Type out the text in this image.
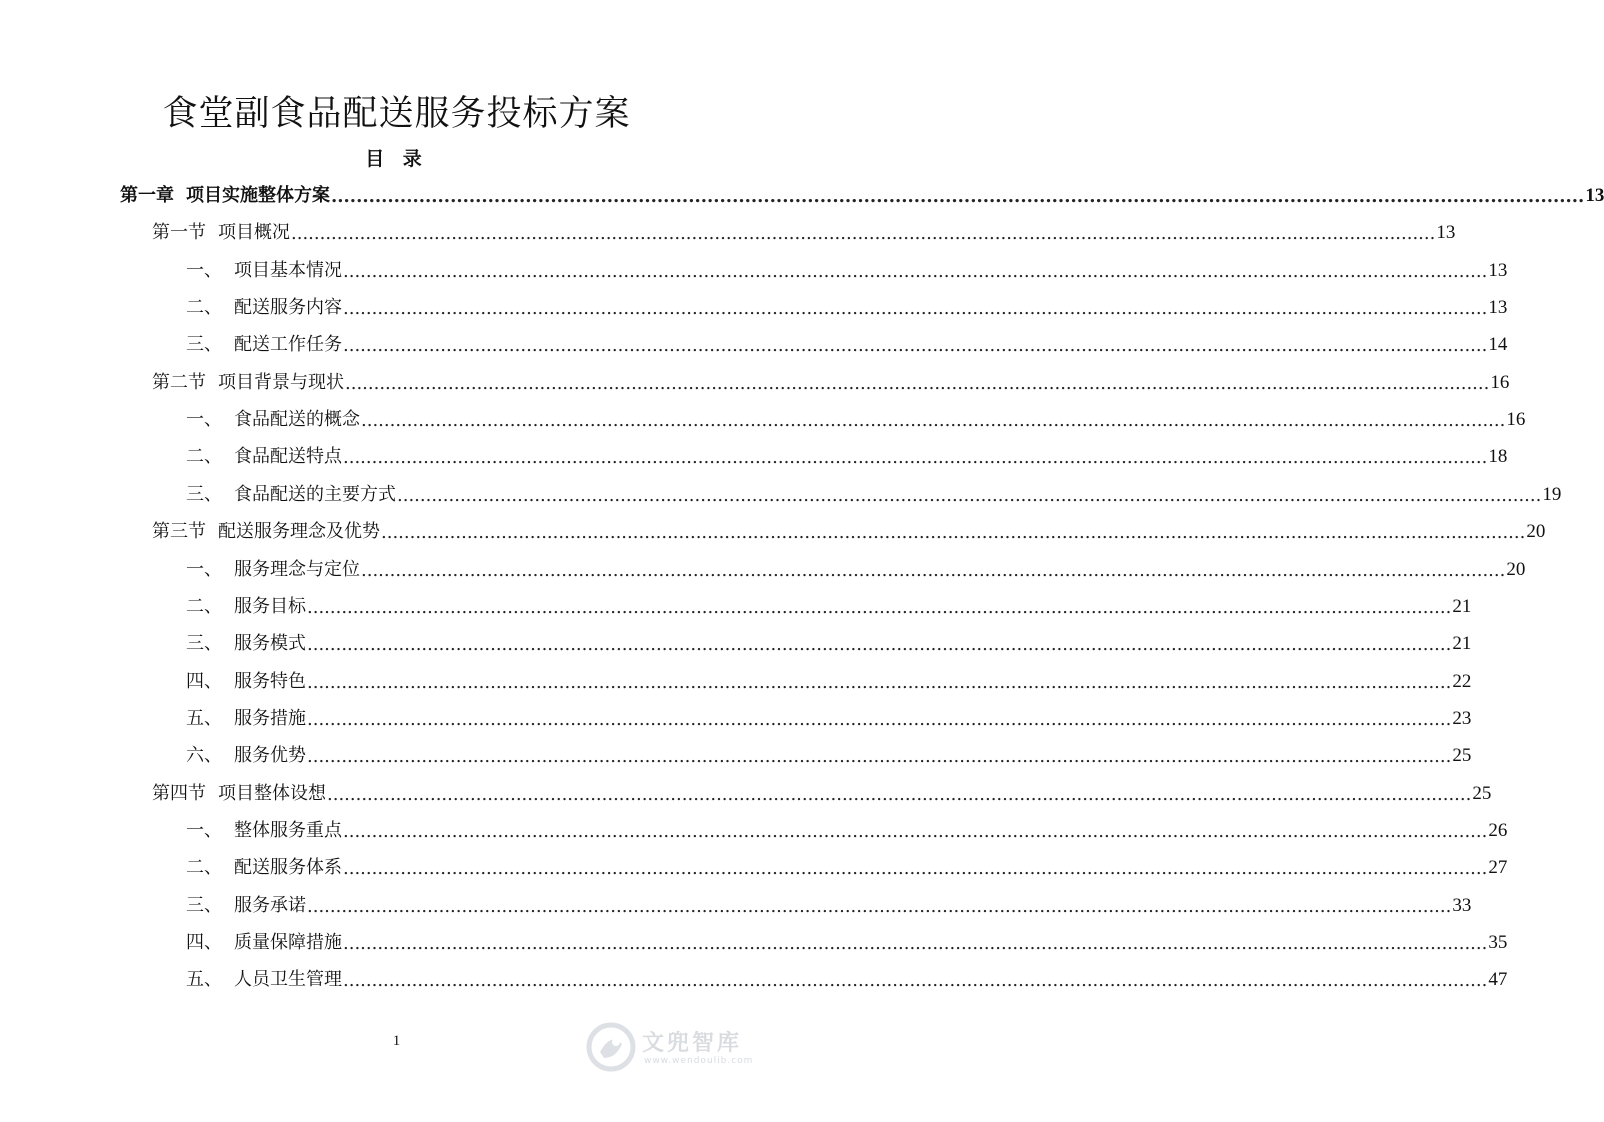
食堂副食品配送服务投标方案
目 录
第一章 项目实施整体方案 ........................................................................................................................................................................................................ 13
第一节 项目概况 ........................................................................................................................................................................................................ 13
一、 项目基本情况 ........................................................................................................................................................................................................ 13
二、 配送服务内容 ........................................................................................................................................................................................................ 13
三、 配送工作任务 ........................................................................................................................................................................................................ 14
第二节 项目背景与现状 ........................................................................................................................................................................................................ 16
一、 食品配送的概念 ........................................................................................................................................................................................................ 16
二、 食品配送特点 ........................................................................................................................................................................................................ 18
三、 食品配送的主要方式 ........................................................................................................................................................................................................ 19
第三节 配送服务理念及优势 ........................................................................................................................................................................................................ 20
一、 服务理念与定位 ........................................................................................................................................................................................................ 20
二、 服务目标 ........................................................................................................................................................................................................ 21
三、 服务模式 ........................................................................................................................................................................................................ 21
四、 服务特色 ........................................................................................................................................................................................................ 22
五、 服务措施 ........................................................................................................................................................................................................ 23
六、 服务优势 ........................................................................................................................................................................................................ 25
第四节 项目整体设想 ........................................................................................................................................................................................................ 25
一、 整体服务重点 ........................................................................................................................................................................................................ 26
二、 配送服务体系 ........................................................................................................................................................................................................ 27
三、 服务承诺 ........................................................................................................................................................................................................ 33
四、 质量保障措施 ........................................................................................................................................................................................................ 35
五、 人员卫生管理 ........................................................................................................................................................................................................ 47
1	文兜智库
www.wendoulib.com
